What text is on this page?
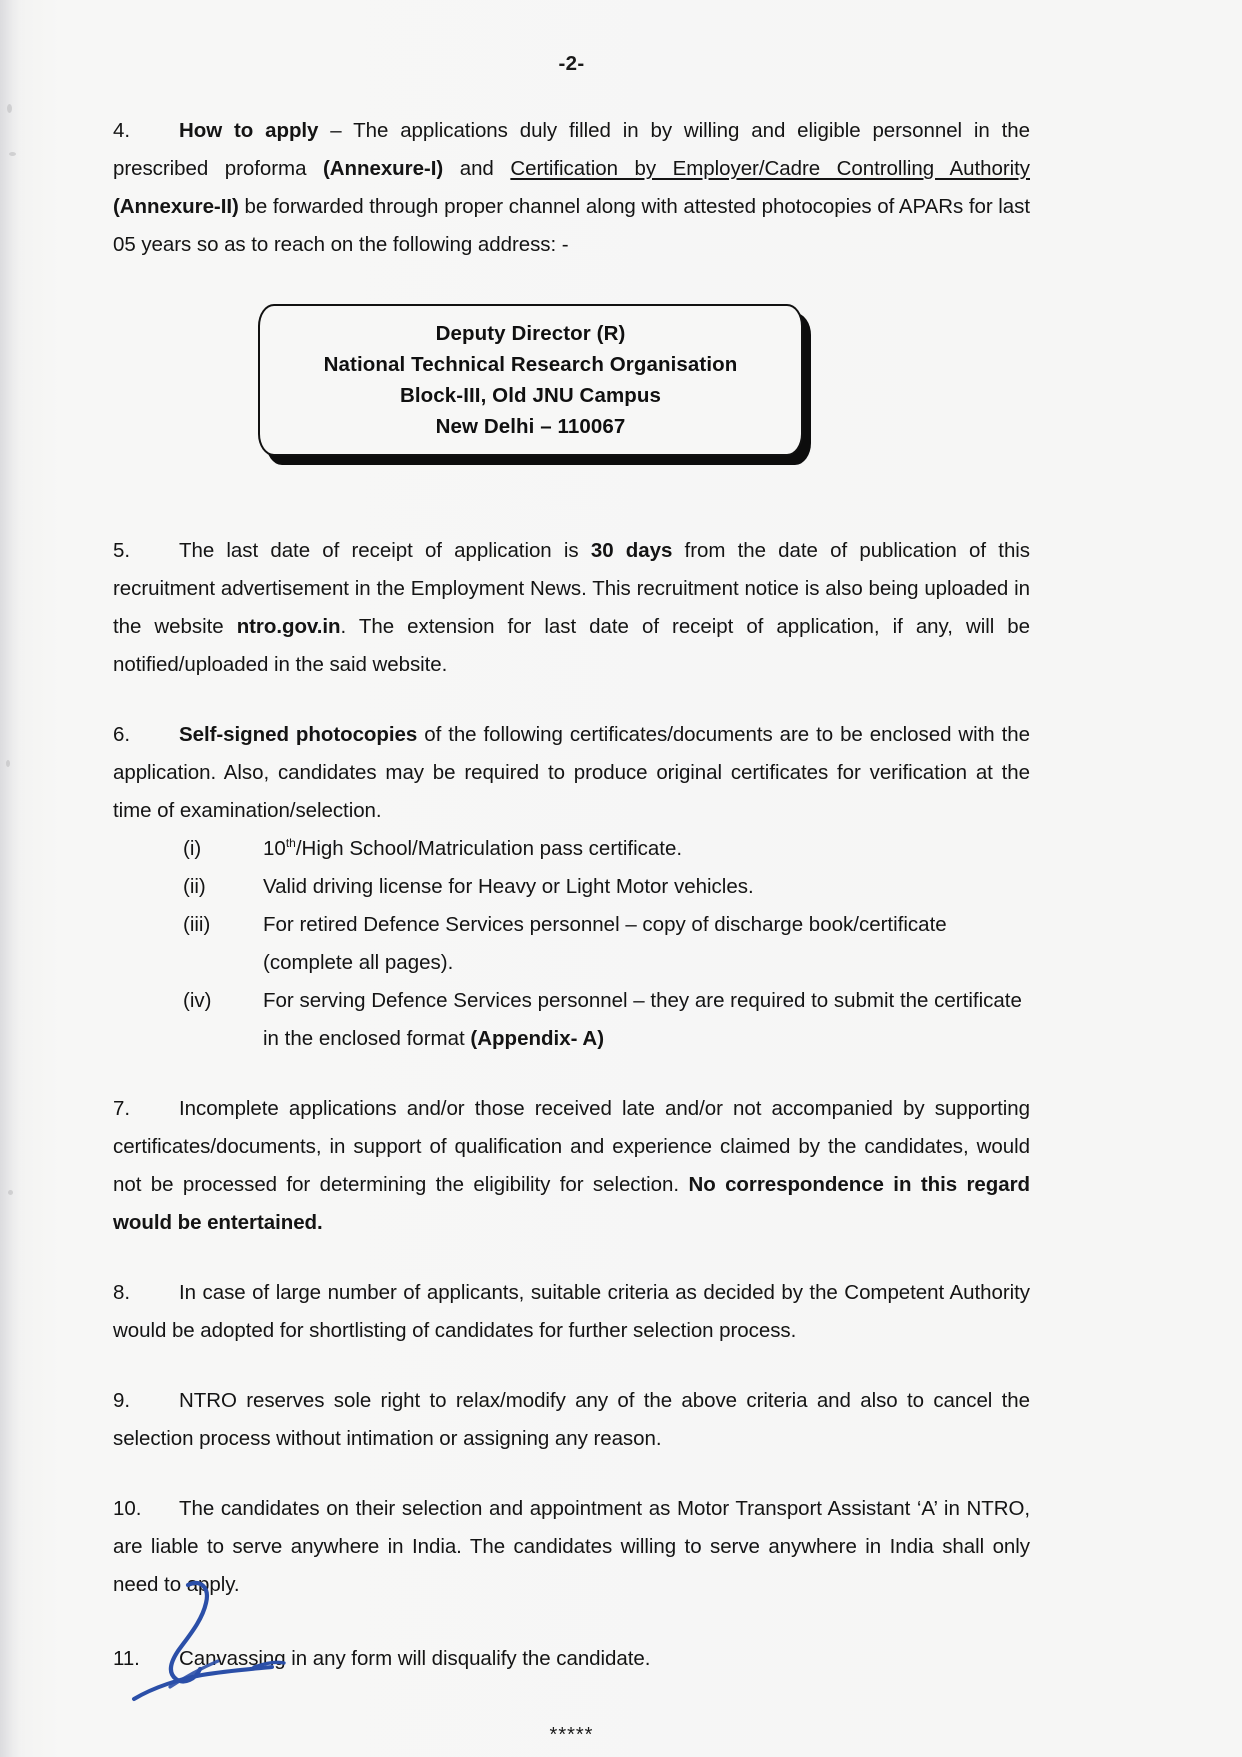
-2-

4. How to apply – The applications duly filled in by willing and eligible personnel in the prescribed proforma (Annexure-I) and Certification by Employer/Cadre Controlling Authority (Annexure-II) be forwarded through proper channel along with attested photocopies of APARs for last 05 years so as to reach on the following address: -

Deputy Director (R)
National Technical Research Organisation
Block-III, Old JNU Campus
New Delhi – 110067

5. The last date of receipt of application is 30 days from the date of publication of this recruitment advertisement in the Employment News. This recruitment notice is also being uploaded in the website ntro.gov.in. The extension for last date of receipt of application, if any, will be notified/uploaded in the said website.

6. Self-signed photocopies of the following certificates/documents are to be enclosed with the application. Also, candidates may be required to produce original certificates for verification at the time of examination/selection.

(i)	10th/High School/Matriculation pass certificate.
(ii)	Valid driving license for Heavy or Light Motor vehicles.
(iii)	For retired Defence Services personnel – copy of discharge book/certificate (complete all pages).
(iv)	For serving Defence Services personnel – they are required to submit the certificate in the enclosed format (Appendix- A)

7. Incomplete applications and/or those received late and/or not accompanied by supporting certificates/documents, in support of qualification and experience claimed by the candidates, would not be processed for determining the eligibility for selection. No correspondence in this regard would be entertained.

8. In case of large number of applicants, suitable criteria as decided by the Competent Authority would be adopted for shortlisting of candidates for further selection process.

9. NTRO reserves sole right to relax/modify any of the above criteria and also to cancel the selection process without intimation or assigning any reason.

10. The candidates on their selection and appointment as Motor Transport Assistant ‘A’ in NTRO, are liable to serve anywhere in India. The candidates willing to serve anywhere in India shall only need to apply.

11. Canvassing in any form will disqualify the candidate.

*****
